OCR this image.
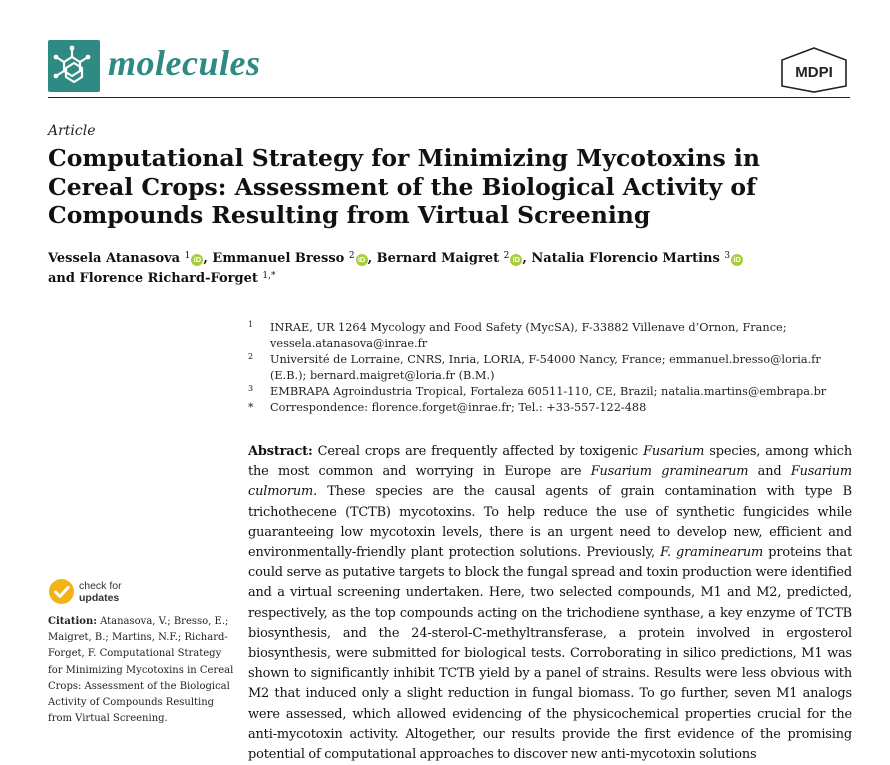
molecules	MDPI
Article
Computational Strategy for Minimizing Mycotoxins in Cereal Crops: Assessment of the Biological Activity of Compounds Resulting from Virtual Screening
Vessela Atanasova $^1$ iD , Emmanuel Bresso $^2$ iD , Bernard Maigret $^2$ iD , Natalia Florencio Martins $^3$ iD
and Florence Richard-Forget $^{1,*}$
1 INRAE, UR 1264 Mycology and Food Safety (MycSA), F-33882 Villenave d’Ornon, France; vessela.atanasova@inrae.fr
2 Université de Lorraine, CNRS, Inria, LORIA, F-54000 Nancy, France; emmanuel.bresso@loria.fr (E.B.); bernard.maigret@loria.fr (B.M.)
3 EMBRAPA Agroindustria Tropical, Fortaleza 60511-110, CE, Brazil; natalia.martins@embrapa.br
* Correspondence: florence.forget@inrae.fr; Tel.: +33-557-122-488
Abstract: Cereal crops are frequently affected by toxigenic Fusarium species, among which the most common and worrying in Europe are Fusarium graminearum and Fusarium culmorum. These species are the causal agents of grain contamination with type B trichothecene (TCTB) mycotoxins. To help reduce the use of synthetic fungicides while guaranteeing low mycotoxin levels, there is an urgent need to develop new, efficient and environmentally-friendly plant protection solutions. Previously, F. graminearum proteins that could serve as putative targets to block the fungal spread and toxin production were identified and a virtual screening undertaken. Here, two selected compounds, M1 and M2, predicted, respectively, as the top compounds acting on the trichodiene synthase, a key enzyme of TCTB biosynthesis, and the 24-sterol-C-methyltransferase, a protein involved in ergosterol biosynthesis, were submitted for biological tests. Corroborating in silico predictions, M1 was shown to significantly inhibit TCTB yield by a panel of strains. Results were less obvious with M2 that induced only a slight reduction in fungal biomass. To go further, seven M1 analogs were assessed, which allowed evidencing of the physicochemical properties crucial for the anti-mycotoxin activity. Altogether, our results provide the first evidence of the promising potential of computational approaches to discover new anti-mycotoxin solutions
check for
updates
Citation: Atanasova, V.; Bresso, E.; Maigret, B.; Martins, N.F.; Richard-Forget, F. Computational Strategy for Minimizing Mycotoxins in Cereal Crops: Assessment of the Biological Activity of Compounds Resulting from Virtual Screening.
